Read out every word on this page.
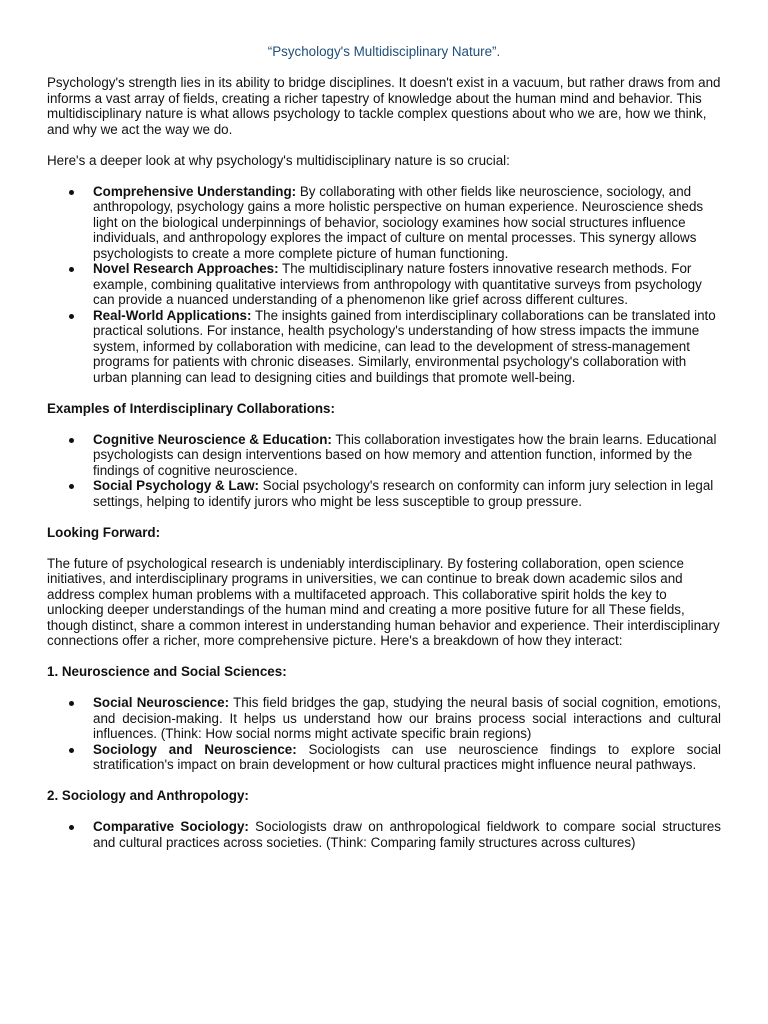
“Psychology's Multidisciplinary Nature”.

Psychology's strength lies in its ability to bridge disciplines. It doesn't exist in a vacuum, but rather draws from and informs a vast array of fields, creating a richer tapestry of knowledge about the human mind and behavior. This multidisciplinary nature is what allows psychology to tackle complex questions about who we are, how we think, and why we act the way we do.

Here's a deeper look at why psychology's multidisciplinary nature is so crucial:

Comprehensive Understanding: By collaborating with other fields like neuroscience, sociology, and anthropology, psychology gains a more holistic perspective on human experience. Neuroscience sheds light on the biological underpinnings of behavior, sociology examines how social structures influence individuals, and anthropology explores the impact of culture on mental processes. This synergy allows psychologists to create a more complete picture of human functioning.
Novel Research Approaches: The multidisciplinary nature fosters innovative research methods. For example, combining qualitative interviews from anthropology with quantitative surveys from psychology can provide a nuanced understanding of a phenomenon like grief across different cultures.
Real-World Applications: The insights gained from interdisciplinary collaborations can be translated into practical solutions. For instance, health psychology's understanding of how stress impacts the immune system, informed by collaboration with medicine, can lead to the development of stress-management programs for patients with chronic diseases. Similarly, environmental psychology's collaboration with urban planning can lead to designing cities and buildings that promote well-being.
Examples of Interdisciplinary Collaborations:
Cognitive Neuroscience & Education: This collaboration investigates how the brain learns. Educational psychologists can design interventions based on how memory and attention function, informed by the findings of cognitive neuroscience.
Social Psychology & Law: Social psychology's research on conformity can inform jury selection in legal settings, helping to identify jurors who might be less susceptible to group pressure.
Looking Forward:

The future of psychological research is undeniably interdisciplinary. By fostering collaboration, open science initiatives, and interdisciplinary programs in universities, we can continue to break down academic silos and address complex human problems with a multifaceted approach. This collaborative spirit holds the key to unlocking deeper understandings of the human mind and creating a more positive future for all These fields, though distinct, share a common interest in understanding human behavior and experience. Their interdisciplinary connections offer a richer, more comprehensive picture. Here's a breakdown of how they interact:

1. Neuroscience and Social Sciences:
Social Neuroscience: This field bridges the gap, studying the neural basis of social cognition, emotions, and decision-making. It helps us understand how our brains process social interactions and cultural influences. (Think: How social norms might activate specific brain regions)
Sociology and Neuroscience: Sociologists can use neuroscience findings to explore social stratification's impact on brain development or how cultural practices might influence neural pathways.
2. Sociology and Anthropology:
Comparative Sociology: Sociologists draw on anthropological fieldwork to compare social structures and cultural practices across societies. (Think: Comparing family structures across cultures)
